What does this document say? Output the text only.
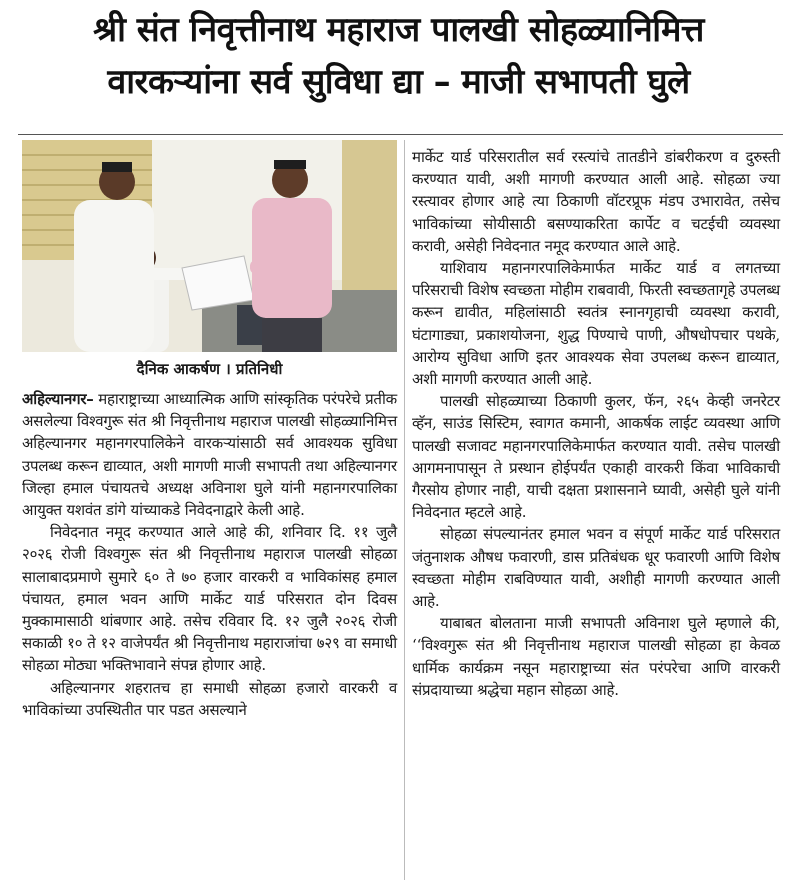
श्री संत निवृत्तीनाथ महाराज पालखी सोहळ्यानिमित्त
वारकऱ्यांना सर्व सुविधा द्या – माजी सभापती घुले
दैनिक आकर्षण । प्रतिनिधी

अहिल्यानगर– महाराष्ट्राच्या आध्यात्मिक आणि सांस्कृतिक परंपरेचे प्रतीक असलेल्या विश्वगुरू संत श्री निवृत्तीनाथ महाराज पालखी सोहळ्यानिमित्त अहिल्यानगर महानगरपालिकेने वारकऱ्यांसाठी सर्व आवश्यक सुविधा उपलब्ध करून द्याव्यात, अशी मागणी माजी सभापती तथा अहिल्यानगर जिल्हा हमाल पंचायतचे अध्यक्ष अविनाश घुले यांनी महानगरपालिका आयुक्त यशवंत डांगे यांच्याकडे निवेदनाद्वारे केली आहे.

निवेदनात नमूद करण्यात आले आहे की, शनिवार दि. ११ जुलै २०२६ रोजी विश्वगुरू संत श्री निवृत्तीनाथ महाराज पालखी सोहळा सालाबादप्रमाणे सुमारे ६० ते ७० हजार वारकरी व भाविकांसह हमाल पंचायत, हमाल भवन आणि मार्केट यार्ड परिसरात दोन दिवस मुक्कामासाठी थांबणार आहे. तसेच रविवार दि. १२ जुलै २०२६ रोजी सकाळी १० ते १२ वाजेपर्यंत श्री निवृत्तीनाथ महाराजांचा ७२९ वा समाधी सोहळा मोठ्या भक्तिभावाने संपन्न होणार आहे.

अहिल्यानगर शहरातच हा समाधी सोहळा हजारो वारकरी व भाविकांच्या उपस्थितीत पार पडत असल्याने

मार्केट यार्ड परिसरातील सर्व रस्त्यांचे तातडीने डांबरीकरण व दुरुस्ती करण्यात यावी, अशी मागणी करण्यात आली आहे. सोहळा ज्या रस्त्यावर होणार आहे त्या ठिकाणी वॉटरप्रूफ मंडप उभारावेत, तसेच भाविकांच्या सोयीसाठी बसण्याकरिता कार्पेट व चटईची व्यवस्था करावी, असेही निवेदनात नमूद करण्यात आले आहे.

याशिवाय महानगरपालिकेमार्फत मार्केट यार्ड व लगतच्या परिसराची विशेष स्वच्छता मोहीम राबवावी, फिरती स्वच्छतागृहे उपलब्ध करून द्यावीत, महिलांसाठी स्वतंत्र स्नानगृहाची व्यवस्था करावी, घंटागाड्या, प्रकाशयोजना, शुद्ध पिण्याचे पाणी, औषधोपचार पथके, आरोग्य सुविधा आणि इतर आवश्यक सेवा उपलब्ध करून द्याव्यात, अशी मागणी करण्यात आली आहे.

पालखी सोहळ्याच्या ठिकाणी कुलर, फॅन, २६५ केव्ही जनरेटर व्हॅन, साउंड सिस्टिम, स्वागत कमानी, आकर्षक लाईट व्यवस्था आणि पालखी सजावट महानगरपालिकेमार्फत करण्यात यावी. तसेच पालखी आगमनापासून ते प्रस्थान होईपर्यंत एकाही वारकरी किंवा भाविकाची गैरसोय होणार नाही, याची दक्षता प्रशासनाने घ्यावी, असेही घुले यांनी निवेदनात म्हटले आहे.

सोहळा संपल्यानंतर हमाल भवन व संपूर्ण मार्केट यार्ड परिसरात जंतुनाशक औषध फवारणी, डास प्रतिबंधक धूर फवारणी आणि विशेष स्वच्छता मोहीम राबविण्यात यावी, अशीही मागणी करण्यात आली आहे.

याबाबत बोलताना माजी सभापती अविनाश घुले म्हणाले की, ‘‘विश्वगुरू संत श्री निवृत्तीनाथ महाराज पालखी सोहळा हा केवळ धार्मिक कार्यक्रम नसून महाराष्ट्राच्या संत परंपरेचा आणि वारकरी संप्रदायाच्या श्रद्धेचा महान सोहळा आहे.
